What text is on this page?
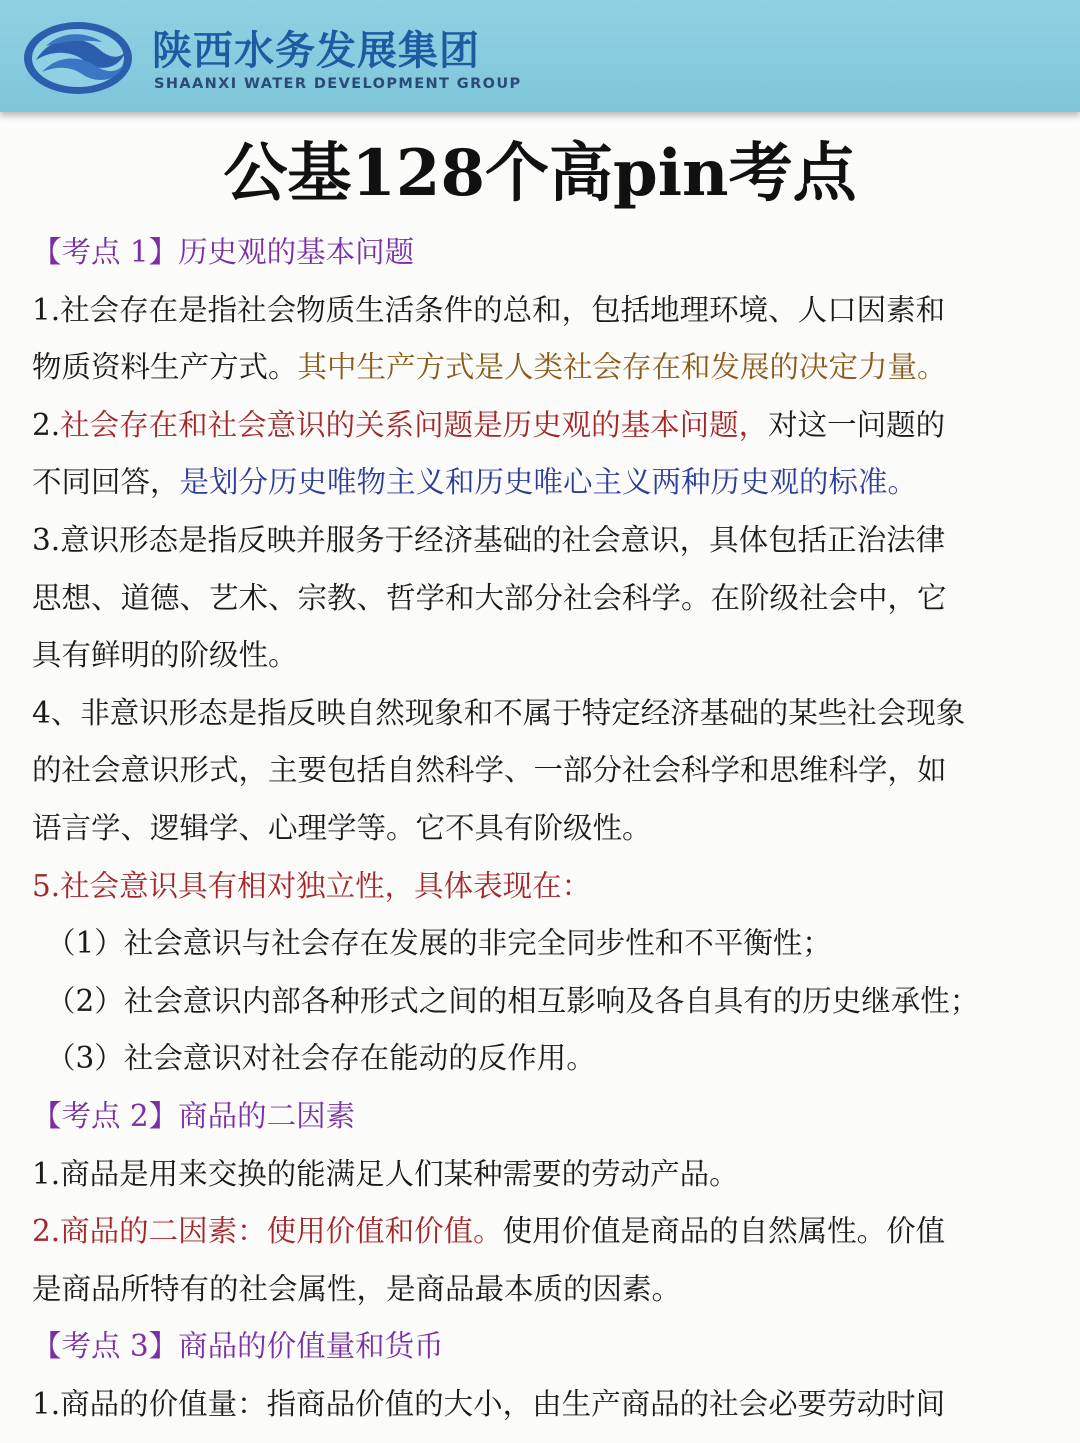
陕西水务发展集团
SHAANXI WATER DEVELOPMENT GROUP
公基128个高pin考点
【考点 1】历史观的基本问题
1.社会存在是指社会物质生活条件的总和，包括地理环境、人口因素和
物质资料生产方式。其中生产方式是人类社会存在和发展的决定力量。
2.社会存在和社会意识的关系问题是历史观的基本问题，对这一问题的
不同回答，是划分历史唯物主义和历史唯心主义两种历史观的标准。
3.意识形态是指反映并服务于经济基础的社会意识，具体包括正治法律
思想、道德、艺术、宗教、哲学和大部分社会科学。在阶级社会中，它
具有鲜明的阶级性。
4、非意识形态是指反映自然现象和不属于特定经济基础的某些社会现象
的社会意识形式，主要包括自然科学、一部分社会科学和思维科学，如
语言学、逻辑学、心理学等。它不具有阶级性。
5.社会意识具有相对独立性，具体表现在：
（1）社会意识与社会存在发展的非完全同步性和不平衡性；
（2）社会意识内部各种形式之间的相互影响及各自具有的历史继承性；
（3）社会意识对社会存在能动的反作用。
【考点 2】商品的二因素
1.商品是用来交换的能满足人们某种需要的劳动产品。
2.商品的二因素：使用价值和价值。使用价值是商品的自然属性。价值
是商品所特有的社会属性，是商品最本质的因素。
【考点 3】商品的价值量和货币
1.商品的价值量：指商品价值的大小，由生产商品的社会必要劳动时间
